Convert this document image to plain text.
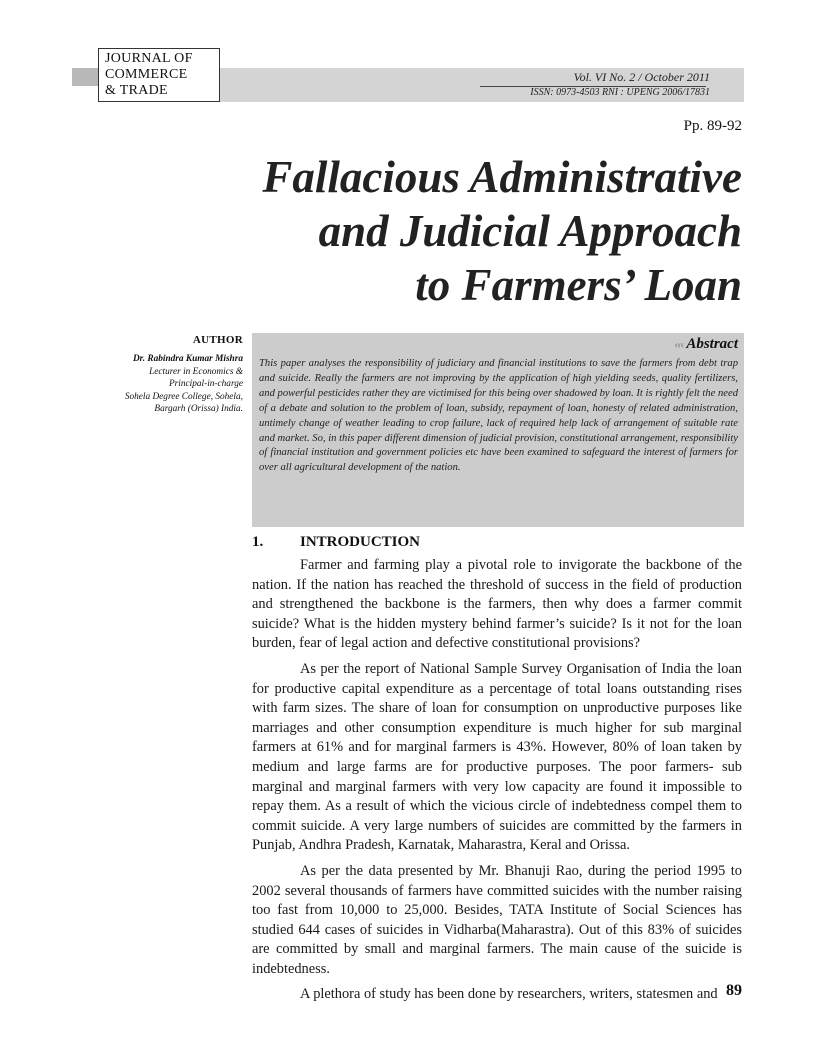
JOURNAL OF
COMMERCE
& TRADE
Vol. VI No. 2 / October 2011
ISSN: 0973-4503 RNI : UPENG 2006/17831
Pp. 89-92
Fallacious Administrative
and Judicial Approach
to Farmers’ Loan
AUTHOR
Dr. Rabindra Kumar Mishra
Lecturer in Economics &
Principal-in-charge
Sohela Degree College, Sohela,
Bargarh (Orissa) India.
‹‹‹ Abstract
This paper analyses the responsibility of judiciary and financial institutions to save the farmers from debt trap and suicide. Really the farmers are not improving by the application of high yielding seeds, quality fertilizers, and powerful pesticides rather they are victimised for this being over shadowed by loan. It is rightly felt the need of a debate and solution to the problem of loan, subsidy, repayment of loan, honesty of related administration, untimely change of weather leading to crop failure, lack of required help lack of arrangement of suitable rate and market. So, in this paper different dimension of judicial provision, constitutional arrangement, responsibility of financial institution and government policies etc have been examined to safeguard the interest of farmers for over all agricultural development of the nation.
1. INTRODUCTION

Farmer and farming play a pivotal role to invigorate the backbone of the nation. If the nation has reached the threshold of success in the field of production and strengthened the backbone is the farmers, then why does a farmer commit suicide? What is the hidden mystery behind farmer’s suicide? Is it not for the loan burden, fear of legal action and defective constitutional provisions?

As per the report of National Sample Survey Organisation of India the loan for productive capital expenditure as a percentage of total loans outstanding rises with farm sizes. The share of loan for consumption on unproductive purposes like marriages and other consumption expenditure is much higher for sub marginal farmers at 61% and for marginal farmers is 43%. However, 80% of loan taken by medium and large farms are for productive purposes. The poor farmers- sub marginal and marginal farmers with very low capacity are found it impossible to repay them. As a result of which the vicious circle of indebtedness compel them to commit suicide. A very large numbers of suicides are committed by the farmers in Punjab, Andhra Pradesh, Karnatak, Maharastra, Keral and Orissa.

As per the data presented by Mr. Bhanuji Rao, during the period 1995 to 2002 several thousands of farmers have committed suicides with the number raising too fast from 10,000 to 25,000. Besides, TATA Institute of Social Sciences has studied 644 cases of suicides in Vidharba(Maharastra). Out of this 83% of suicides are committed by small and marginal farmers. The main cause of the suicide is indebtedness.

A plethora of study has been done by researchers, writers, statesmen and 89
